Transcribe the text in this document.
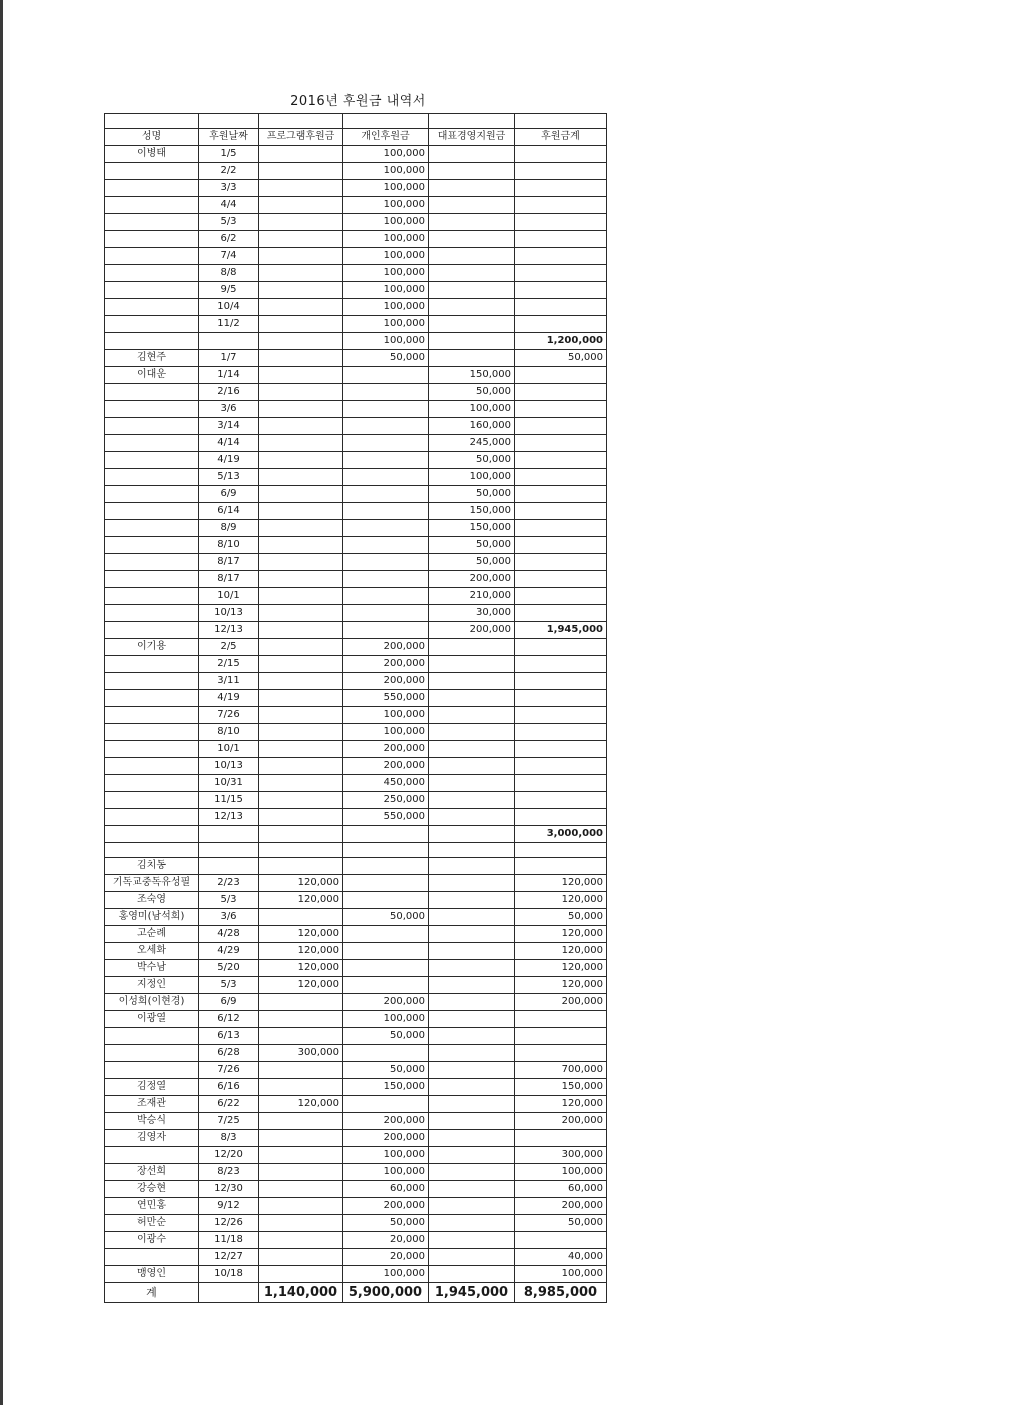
2016년 후원금 내역서

성명	후원날짜	프로그램후원금	개인후원금	대표경영지원금	후원금계
이병태	1/5		100,000		
	2/2		100,000		
	3/3		100,000		
	4/4		100,000		
	5/3		100,000		
	6/2		100,000		
	7/4		100,000		
	8/8		100,000		
	9/5		100,000		
	10/4		100,000		
	11/2		100,000		
			100,000		1,200,000
김현주	1/7		50,000		50,000
이대운	1/14			150,000	
	2/16			50,000	
	3/6			100,000	
	3/14			160,000	
	4/14			245,000	
	4/19			50,000	
	5/13			100,000	
	6/9			50,000	
	6/14			150,000	
	8/9			150,000	
	8/10			50,000	
	8/17			50,000	
	8/17			200,000	
	10/1			210,000	
	10/13			30,000	
	12/13			200,000	1,945,000
이기용	2/5		200,000		
	2/15		200,000		
	3/11		200,000		
	4/19		550,000		
	7/26		100,000		
	8/10		100,000		
	10/1		200,000		
	10/13		200,000		
	10/31		450,000		
	11/15		250,000		
	12/13		550,000		
					3,000,000

김치동					
기독교중독유성필	2/23	120,000			120,000
조숙영	5/3	120,000			120,000
홍영미(남석희)	3/6		50,000		50,000
고순례	4/28	120,000			120,000
오세화	4/29	120,000			120,000
박수남	5/20	120,000			120,000
지정인	5/3	120,000			120,000
이성희(이현경)	6/9		200,000		200,000
이광열	6/12		100,000		
	6/13		50,000		
	6/28	300,000			
	7/26		50,000		700,000
김정열	6/16		150,000		150,000
조재관	6/22	120,000			120,000
박승식	7/25		200,000		200,000
김영자	8/3		200,000		
	12/20		100,000		300,000
장선희	8/23		100,000		100,000
강승현	12/30		60,000		60,000
연민홍	9/12		200,000		200,000
허만순	12/26		50,000		50,000
이광수	11/18		20,000		
	12/27		20,000		40,000
맹영인	10/18		100,000		100,000
계		1,140,000	5,900,000	1,945,000	8,985,000
